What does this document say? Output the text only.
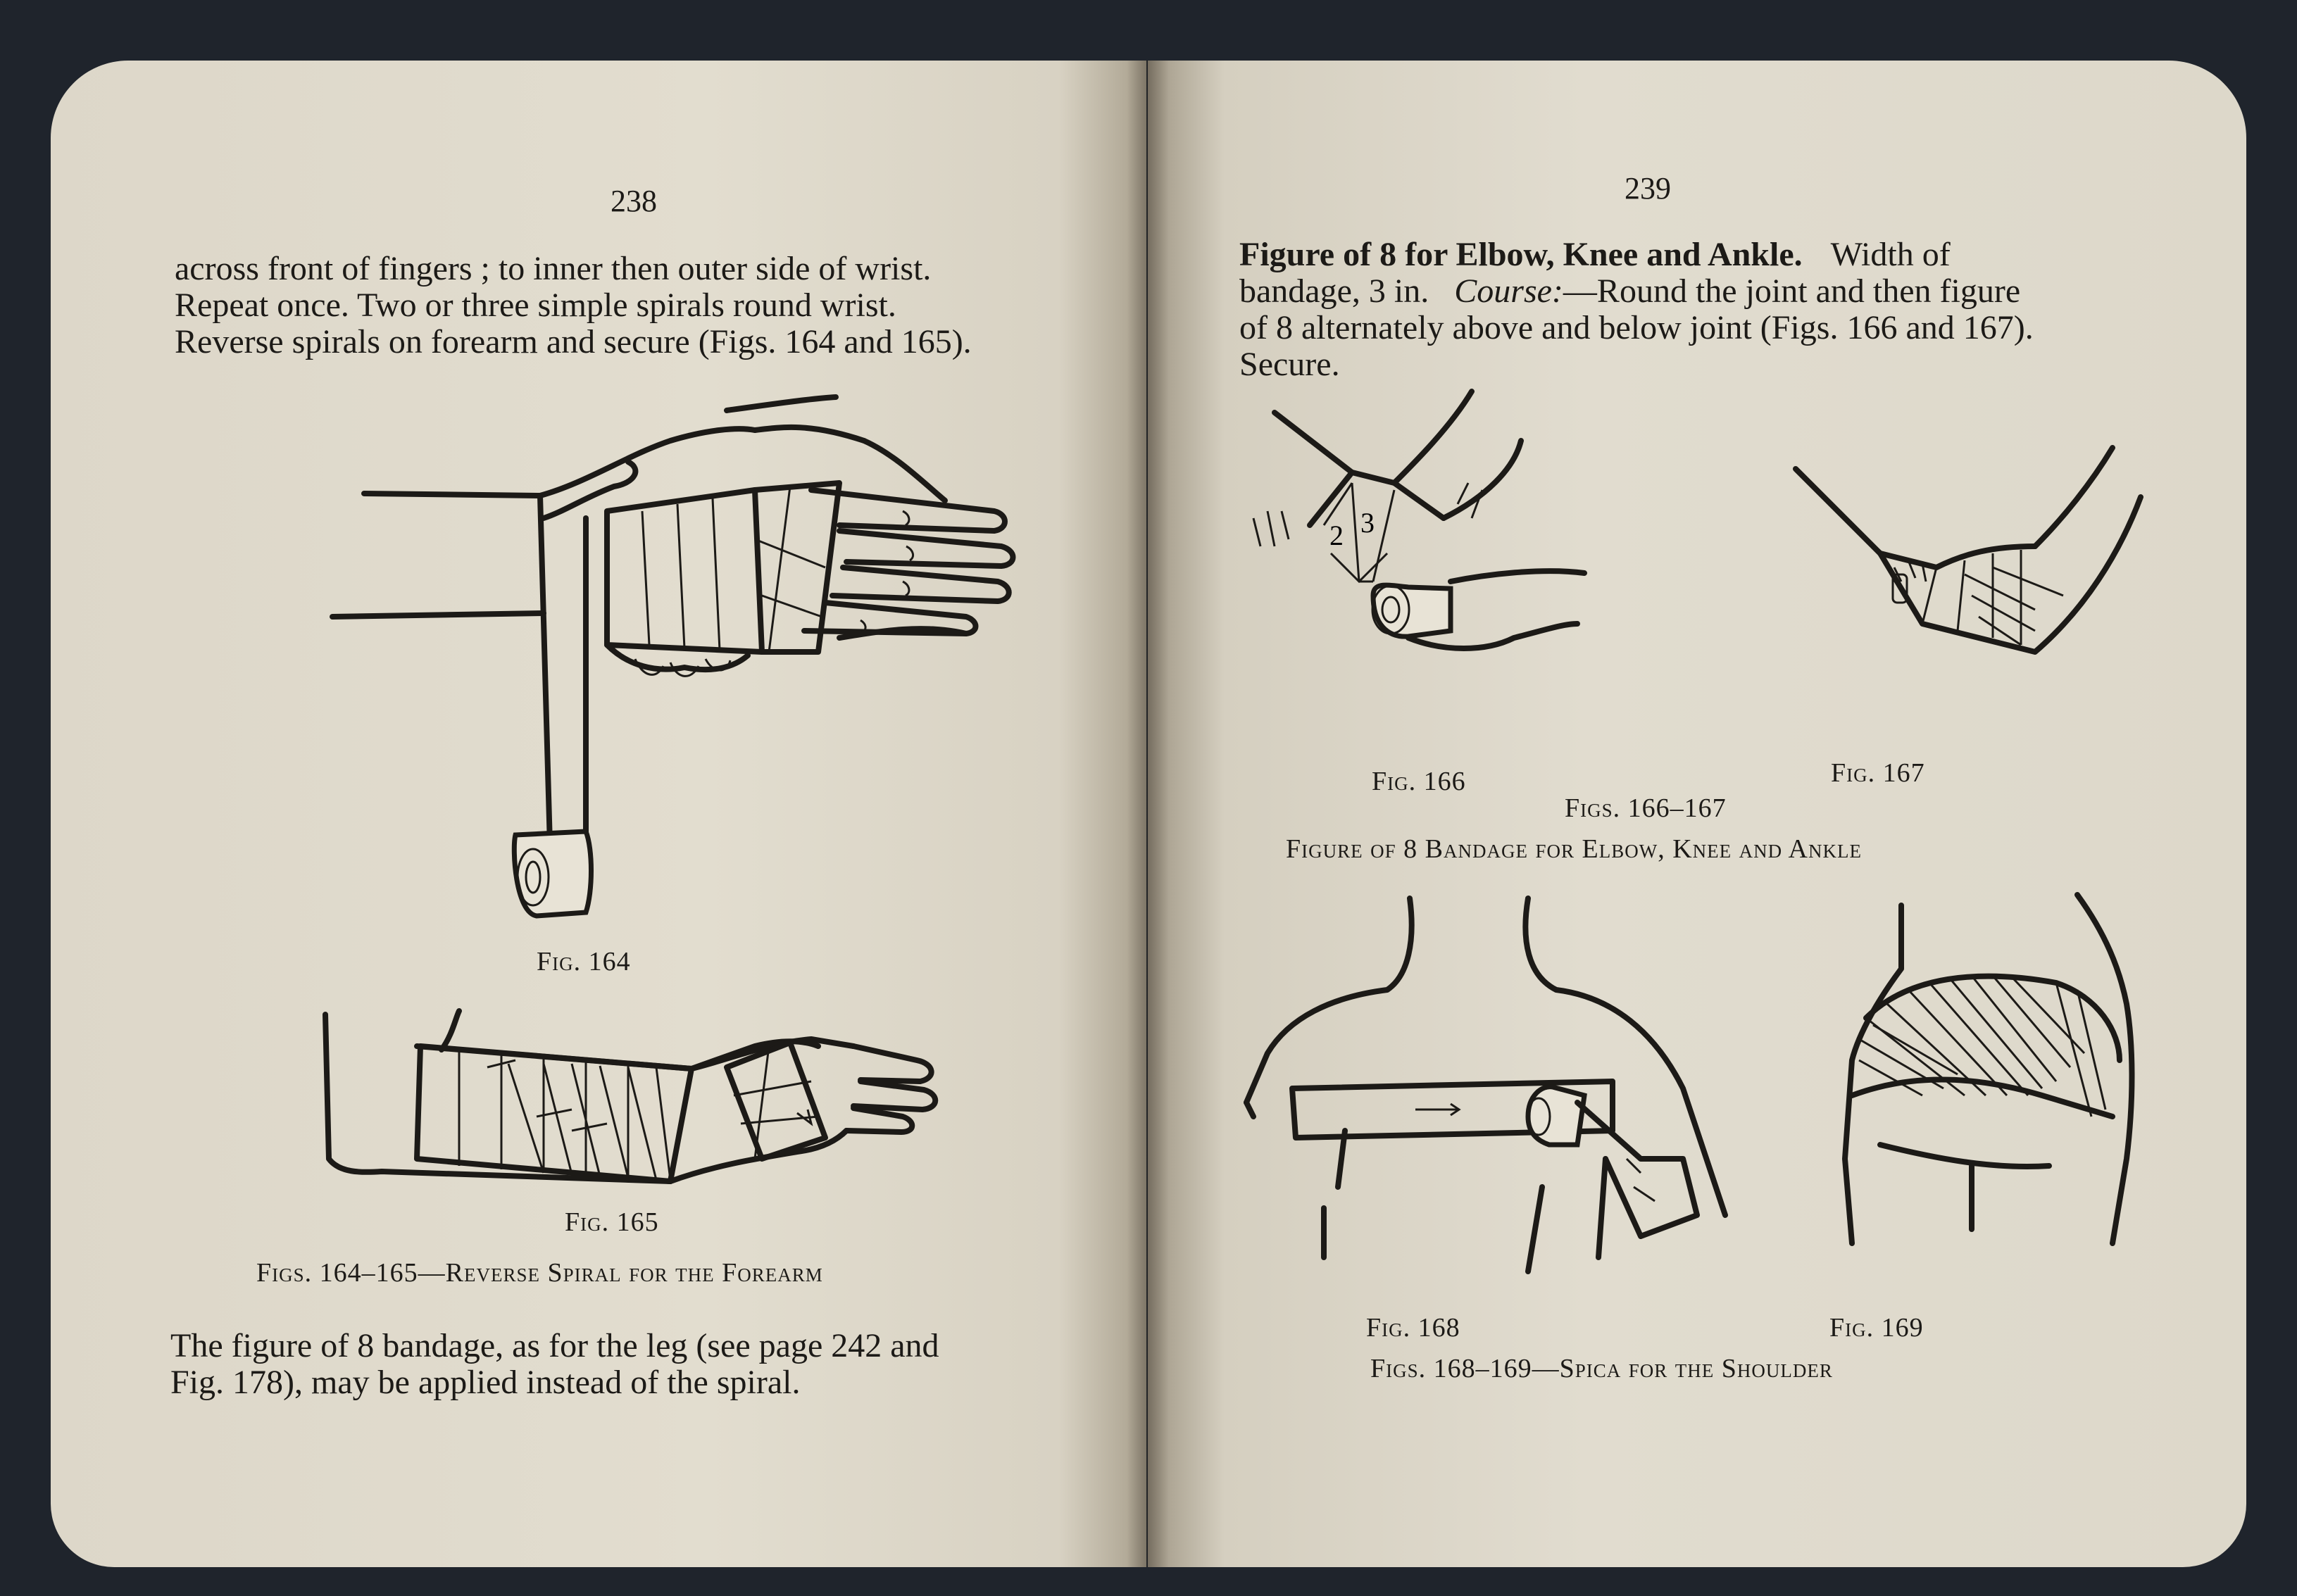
238
across front of fingers ; to inner then outer side of wrist.
Repeat once. Two or three simple spirals round wrist.
Reverse spirals on forearm and secure (Figs. 164 and 165).
Fig. 164
Fig. 165
Figs. 164–165—Reverse Spiral for the Forearm
The figure of 8 bandage, as for the leg (see page 242 and
Fig. 178), may be applied instead of the spiral.
239
Figure of 8 for Elbow, Knee and Ankle. Width of
bandage, 3 in. Course:—Round the joint and then figure
of 8 alternately above and below joint (Figs. 166 and 167).
Secure.
2 3
Fig. 166	Fig. 167
Figs. 166–167
Figure of 8 Bandage for Elbow, Knee and Ankle
Fig. 168	Fig. 169
Figs. 168–169—Spica for the Shoulder
